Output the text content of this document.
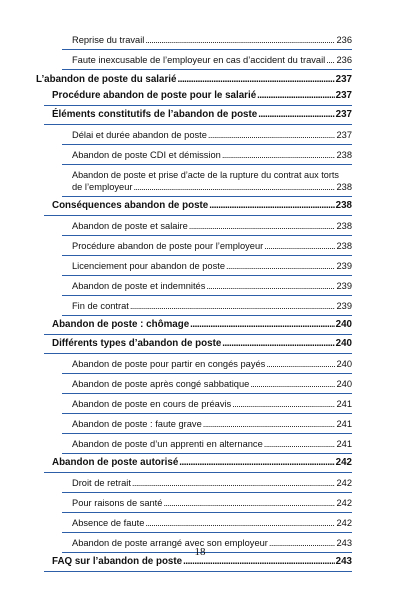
Reprise du travail . . .	236
Faute inexcusable de l’employeur en cas d’accident du travail . . . 236
L’abandon de poste du salarié . . .	237
Procédure abandon de poste pour le salarié . . .	237
Éléments constitutifs de l’abandon de poste . . .	237
Délai et durée abandon de poste . . .	237
Abandon de poste CDI et démission . . .	238
Abandon de poste et prise d’acte de la rupture du contrat aux torts
de l’employeur . . .	238
Conséquences abandon de poste . . .	238
Abandon de poste et salaire . . .	238
Procédure abandon de poste pour l’employeur . . .	238
Licenciement pour abandon de poste . . .	239
Abandon de poste et indemnités . . .	239
Fin de contrat . . .	239
Abandon de poste : chômage . . .	240
Différents types d’abandon de poste . . .	240
Abandon de poste pour partir en congés payés . . .	240
Abandon de poste après congé sabbatique . . .	240
Abandon de poste en cours de préavis . . .	241
Abandon de poste : faute grave . . .	241
Abandon de poste d’un apprenti en alternance . . .	241
Abandon de poste autorisé . . .	242
Droit de retrait . . .	242
Pour raisons de santé . . .	242
Absence de faute . . .	242
Abandon de poste arrangé avec son employeur . . .	243
FAQ sur l’abandon de poste . . .	243
18
